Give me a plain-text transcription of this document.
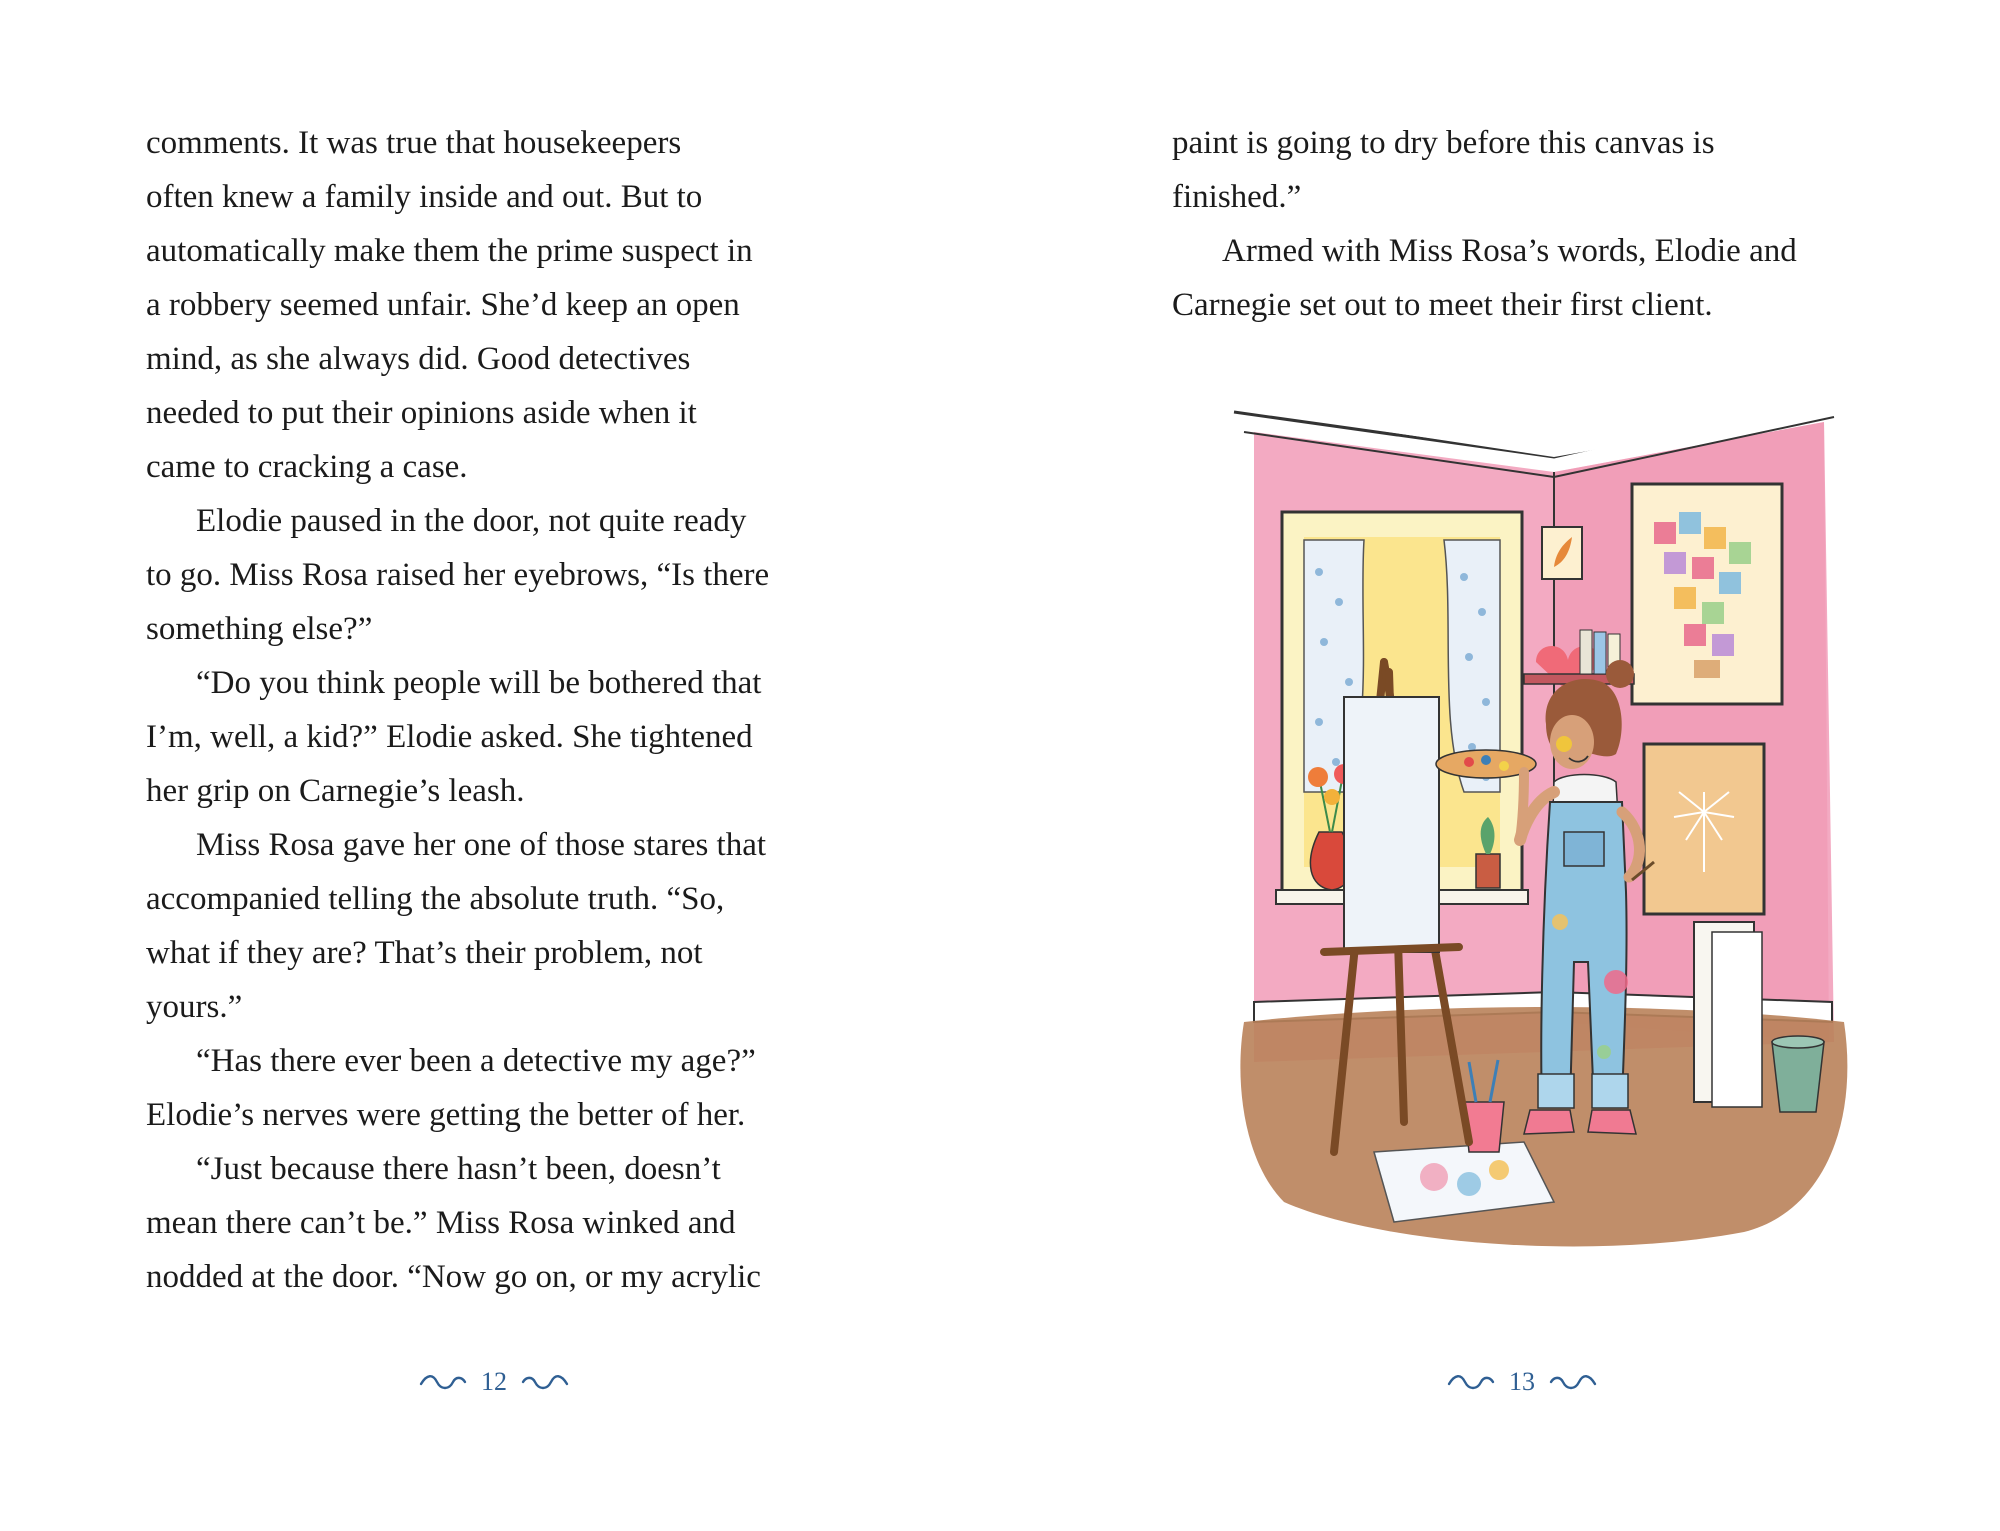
comments. It was true that housekeepers
often knew a family inside and out. But to
automatically make them the prime suspect in
a robbery seemed unfair. She’d keep an open
mind, as she always did. Good detectives
needed to put their opinions aside when it
came to cracking a case.
Elodie paused in the door, not quite ready
to go. Miss Rosa raised her eyebrows, “Is there
something else?”
“Do you think people will be bothered that
I’m, well, a kid?” Elodie asked. She tightened
her grip on Carnegie’s leash.
Miss Rosa gave her one of those stares that
accompanied telling the absolute truth. “So,
what if they are? That’s their problem, not
yours.”
“Has there ever been a detective my age?”
Elodie’s nerves were getting the better of her.
“Just because there hasn’t been, doesn’t
mean there can’t be.” Miss Rosa winked and
nodded at the door. “Now go on, or my acrylic
12
paint is going to dry before this canvas is
finished.”
Armed with Miss Rosa’s words, Elodie and
Carnegie set out to meet their first client.
13
